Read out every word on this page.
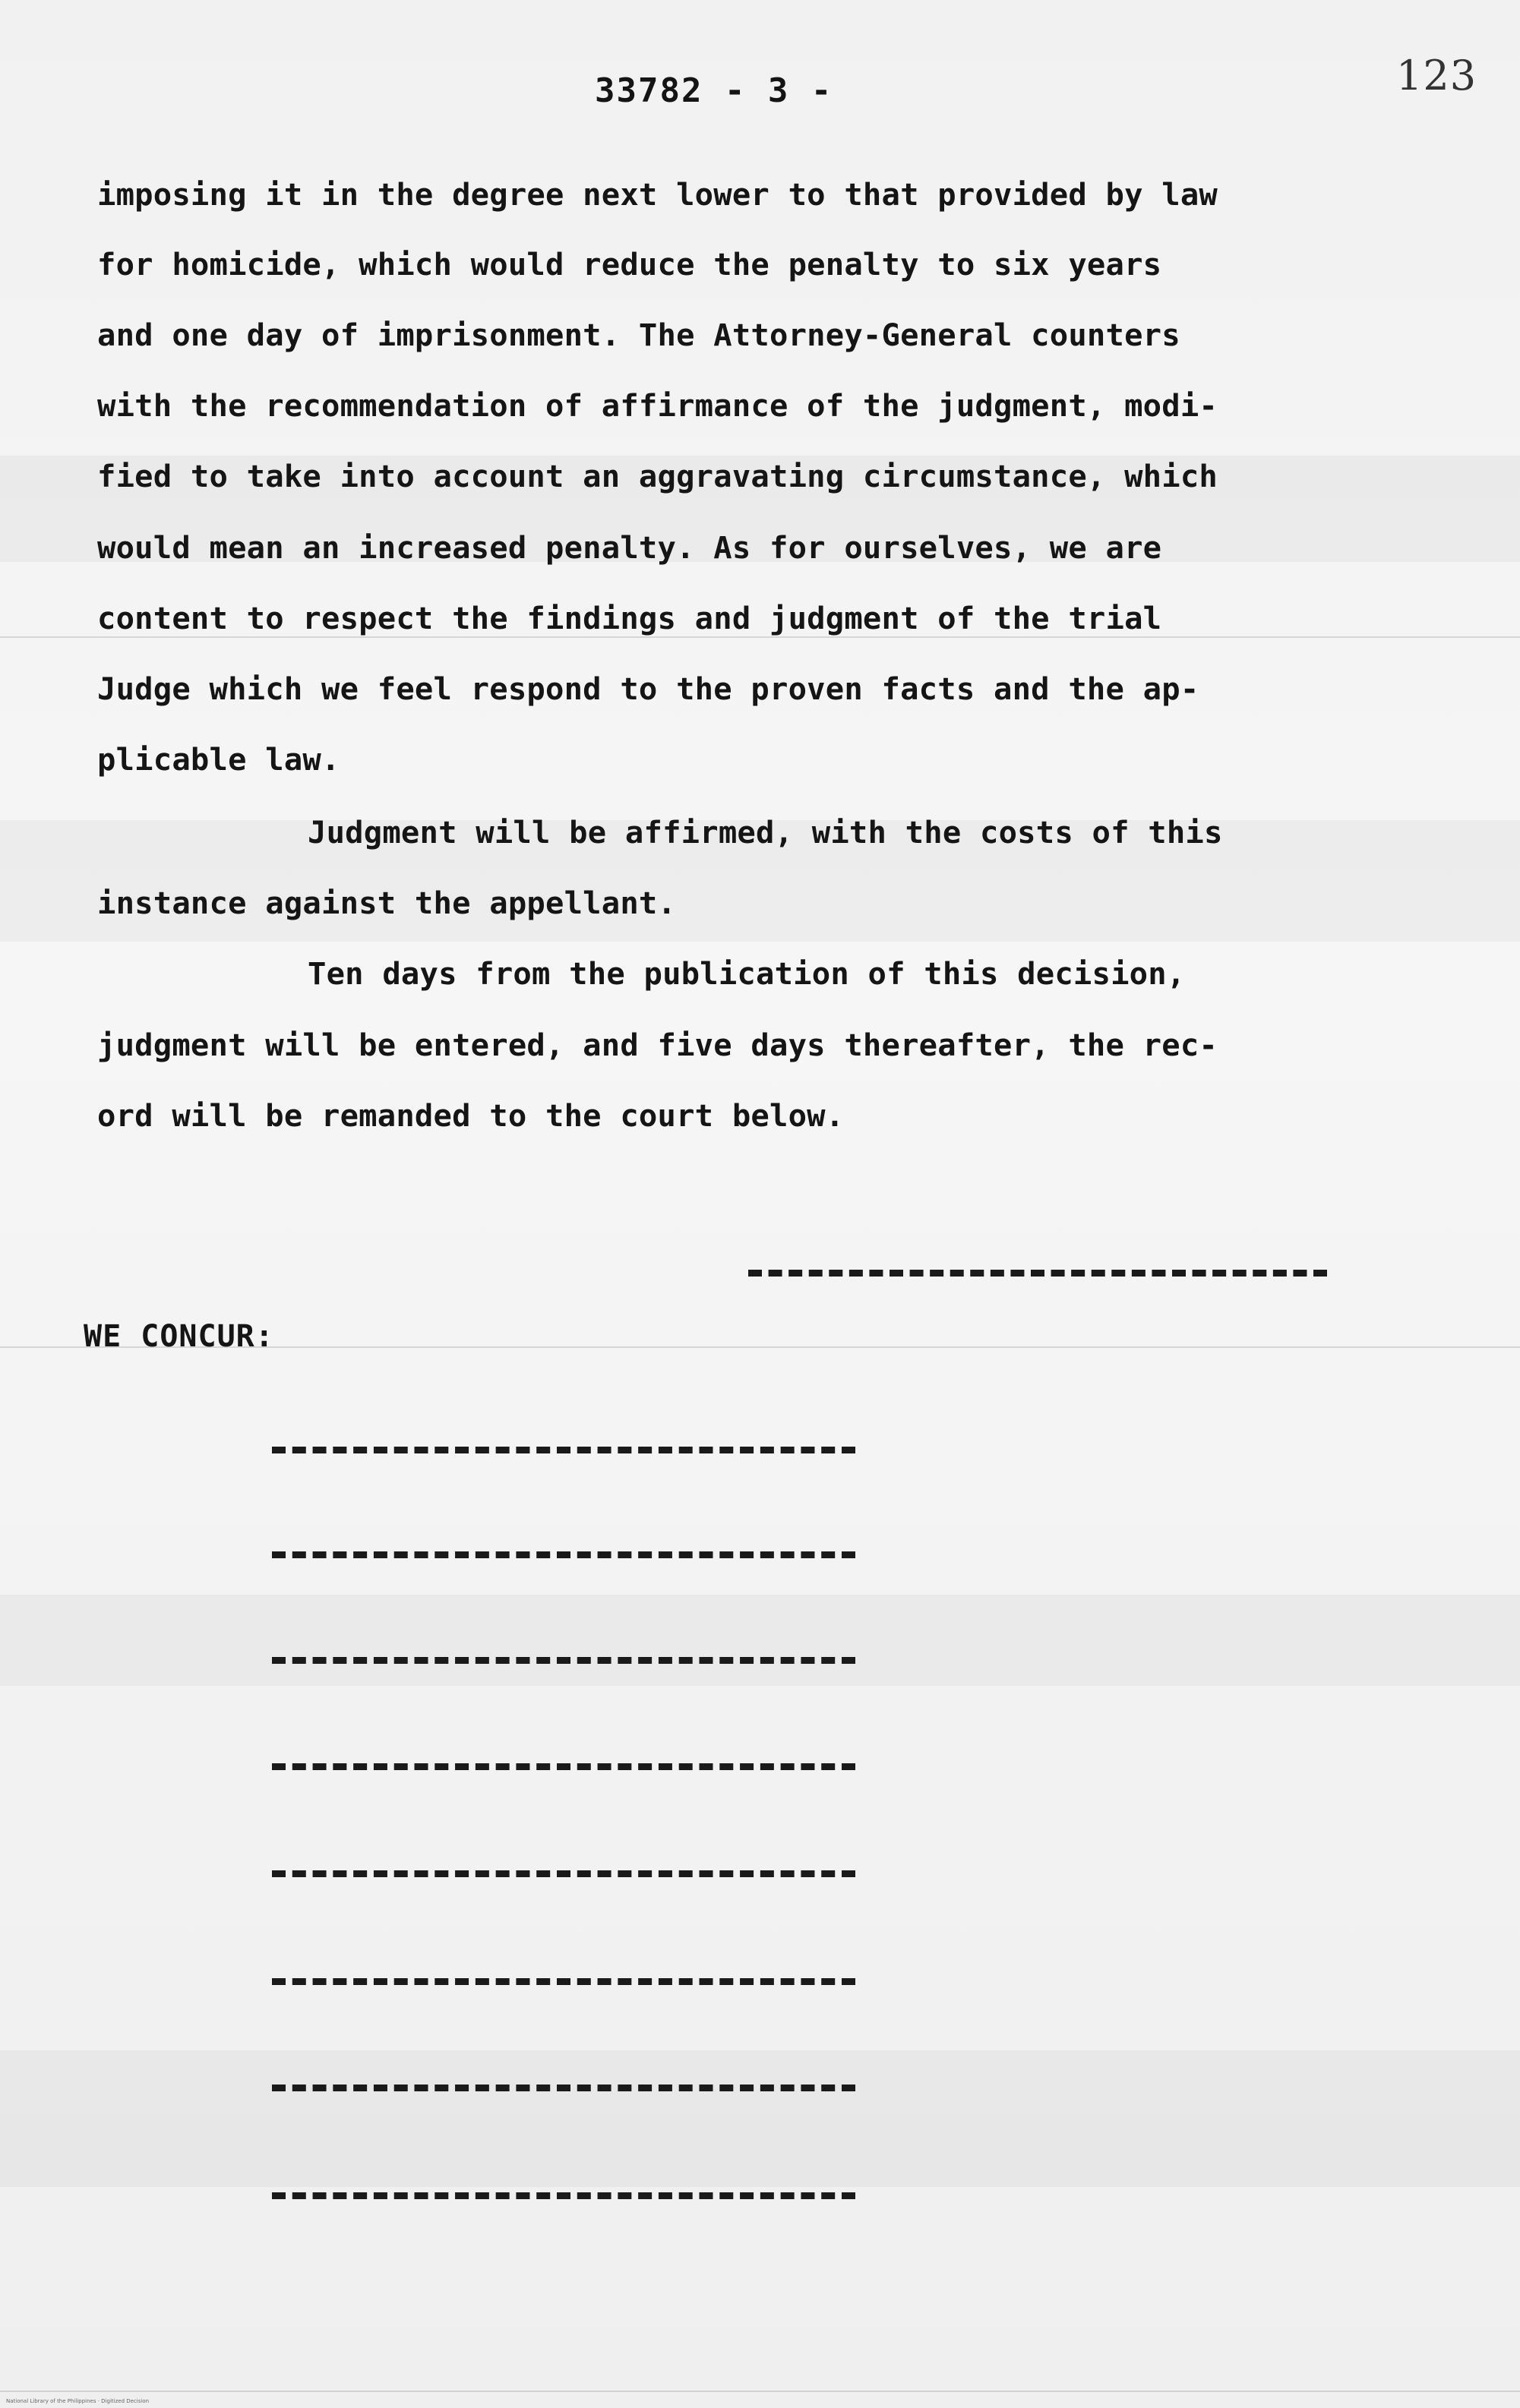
33782 - 3 -	123
imposing it in the degree next lower to that provided by law
for homicide, which would reduce the penalty to six years
and one day of imprisonment. The Attorney-General counters
with the recommendation of affirmance of the judgment, modi-
fied to take into account an aggravating circumstance, which
would mean an increased penalty. As for ourselves, we are
content to respect the findings and judgment of the trial
Judge which we feel respond to the proven facts and the ap-
plicable law.
Judgment will be affirmed, with the costs of this
instance against the appellant.
Ten days from the publication of this decision,
judgment will be entered, and five days thereafter, the rec-
ord will be remanded to the court below.
WE CONCUR:
National Library of the Philippines · Digitized Decision
